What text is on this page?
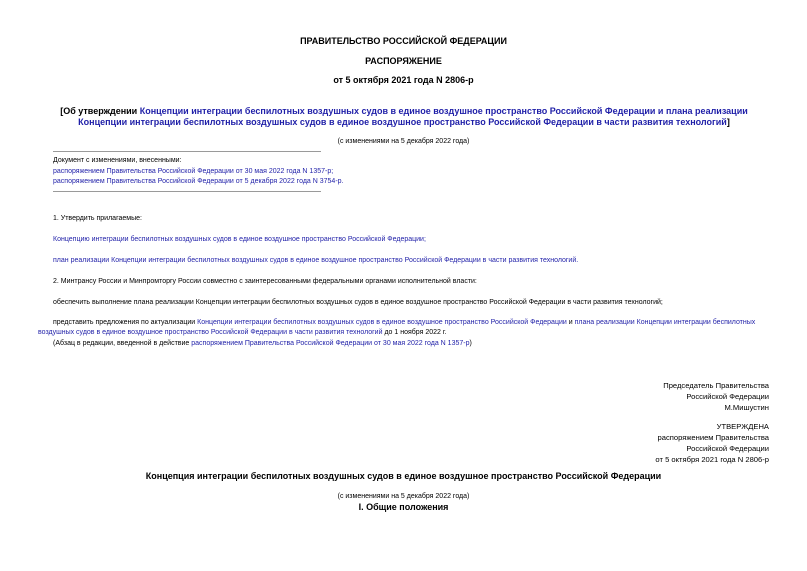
ПРАВИТЕЛЬСТВО РОССИЙСКОЙ ФЕДЕРАЦИИ
РАСПОРЯЖЕНИЕ
от 5 октября 2021 года N 2806-р
[Об утверждении Концепции интеграции беспилотных воздушных судов в единое воздушное пространство Российской Федерации и плана реализации Концепции интеграции беспилотных воздушных судов в единое воздушное пространство Российской Федерации в части развития технологий]
(с изменениями на 5 декабря 2022 года)
Документ с изменениями, внесенными:
распоряжением Правительства Российской Федерации от 30 мая 2022 года N 1357-р;
распоряжением Правительства Российской Федерации от 5 декабря 2022 года N 3754-р.
1. Утвердить прилагаемые:
Концепцию интеграции беспилотных воздушных судов в единое воздушное пространство Российской Федерации;
план реализации Концепции интеграции беспилотных воздушных судов в единое воздушное пространство Российской Федерации в части развития технологий.
2. Минтрансу России и Минпромторгу России совместно с заинтересованными федеральными органами исполнительной власти:
обеспечить выполнение плана реализации Концепции интеграции беспилотных воздушных судов в единое воздушное пространство Российской Федерации в части развития технологий;
представить предложения по актуализации Концепции интеграции беспилотных воздушных судов в единое воздушное пространство Российской Федерации и плана реализации Концепции интеграции беспилотных воздушных судов в единое воздушное пространство Российской Федерации в части развития технологий до 1 ноября 2022 г.
(Абзац в редакции, введенной в действие распоряжением Правительства Российской Федерации от 30 мая 2022 года N 1357-р)
Председатель Правительства
Российской Федерации
М.Мишустин
УТВЕРЖДЕНА
распоряжением Правительства
Российской Федерации
от 5 октября 2021 года N 2806-р
Концепция интеграции беспилотных воздушных судов в единое воздушное пространство Российской Федерации
(с изменениями на 5 декабря 2022 года)
I. Общие положения
